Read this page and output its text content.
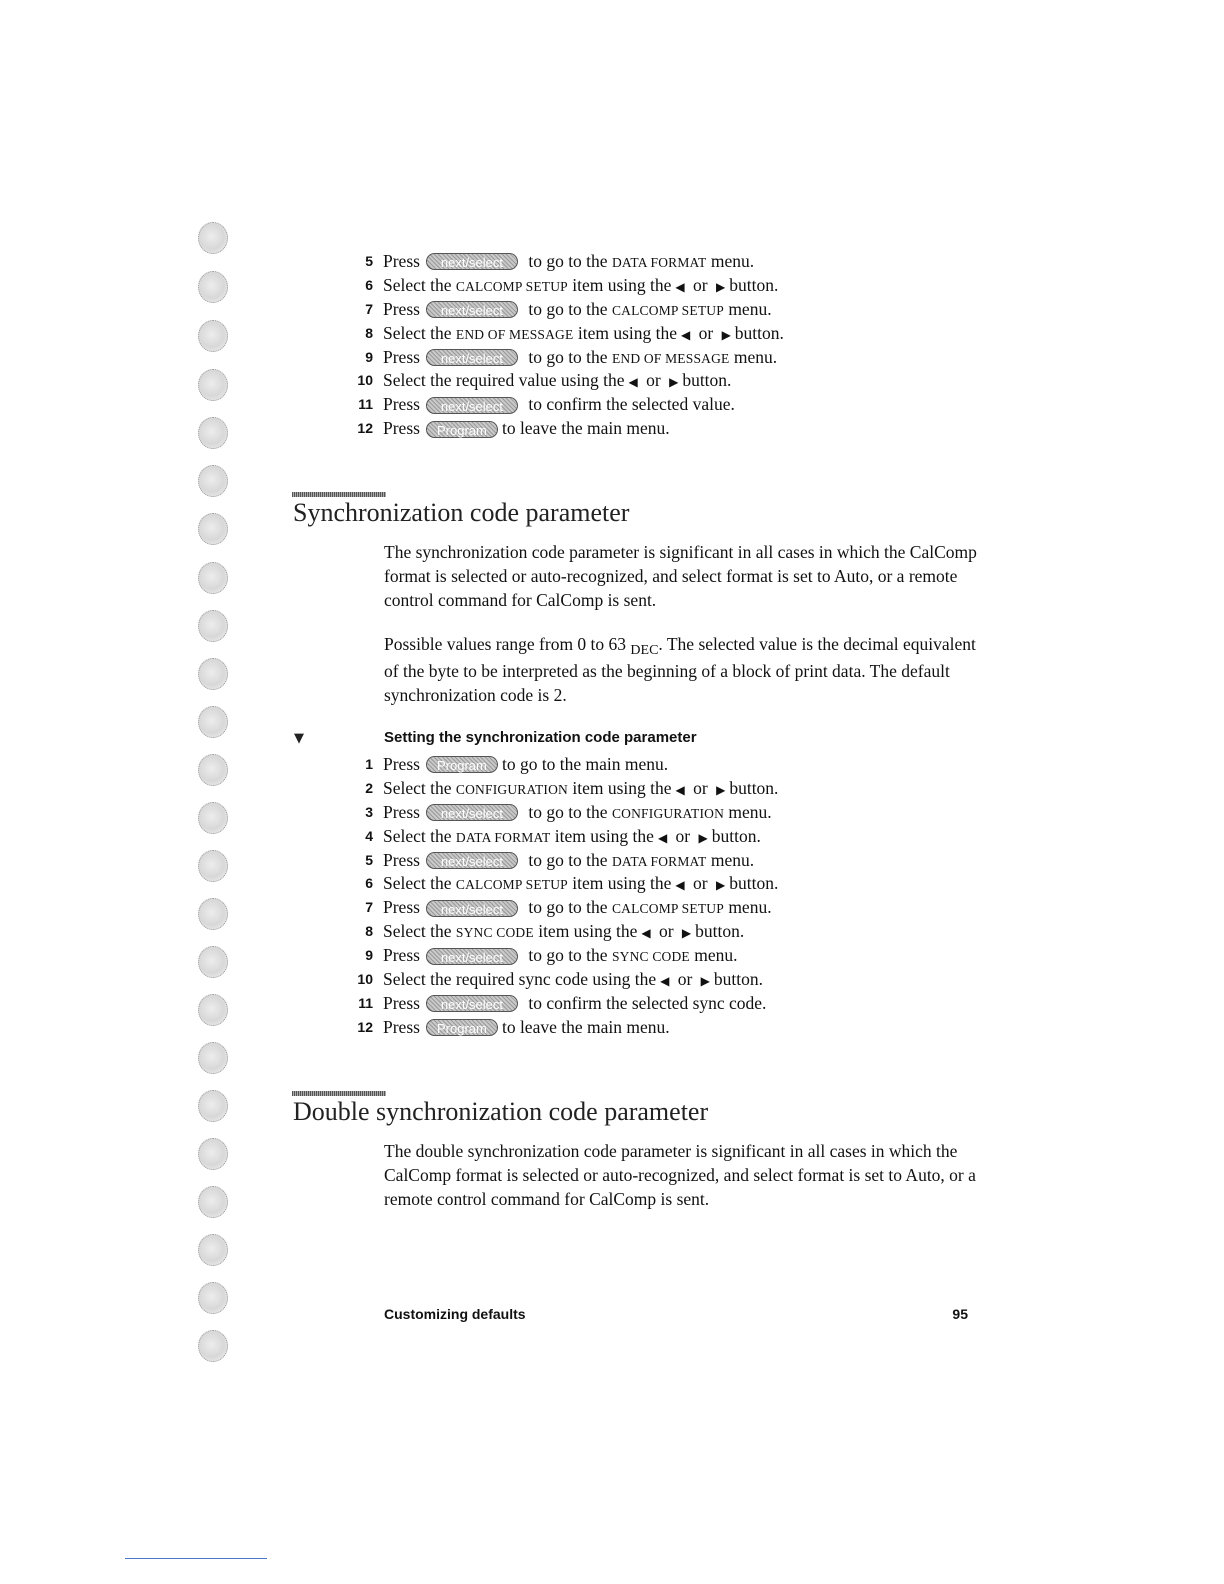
5 Press next/select to go to the DATA FORMAT menu.
6 Select the CALCOMP SETUP item using the ◀ or ▶ button.
7 Press next/select to go to the CALCOMP SETUP menu.
8 Select the END OF MESSAGE item using the ◀ or ▶ button.
9 Press next/select to go to the END OF MESSAGE menu.
10 Select the required value using the ◀ or ▶ button.
11 Press next/select to confirm the selected value.
12 Press Program to leave the main menu.
Synchronization code parameter

The synchronization code parameter is significant in all cases in which the CalComp format is selected or auto-recognized, and select format is set to Auto, or a remote control command for CalComp is sent.

Possible values range from 0 to 63 $_{DEC}$. The selected value is the decimal equivalent of the byte to be interpreted as the beginning of a block of print data. The default synchronization code is 2.

▼	Setting the synchronization code parameter
1 Press Program to go to the main menu.
2 Select the CONFIGURATION item using the ◀ or ▶ button.
3 Press next/select to go to the CONFIGURATION menu.
4 Select the DATA FORMAT item using the ◀ or ▶ button.
5 Press next/select to go to the DATA FORMAT menu.
6 Select the CALCOMP SETUP item using the ◀ or ▶ button.
7 Press next/select to go to the CALCOMP SETUP menu.
8 Select the SYNC CODE item using the ◀ or ▶ button.
9 Press next/select to go to the SYNC CODE menu.
10 Select the required sync code using the ◀ or ▶ button.
11 Press next/select to confirm the selected sync code.
12 Press Program to leave the main menu.
Double synchronization code parameter

The double synchronization code parameter is significant in all cases in which the CalComp format is selected or auto-recognized, and select format is set to Auto, or a remote control command for CalComp is sent.

Customizing defaults	95
